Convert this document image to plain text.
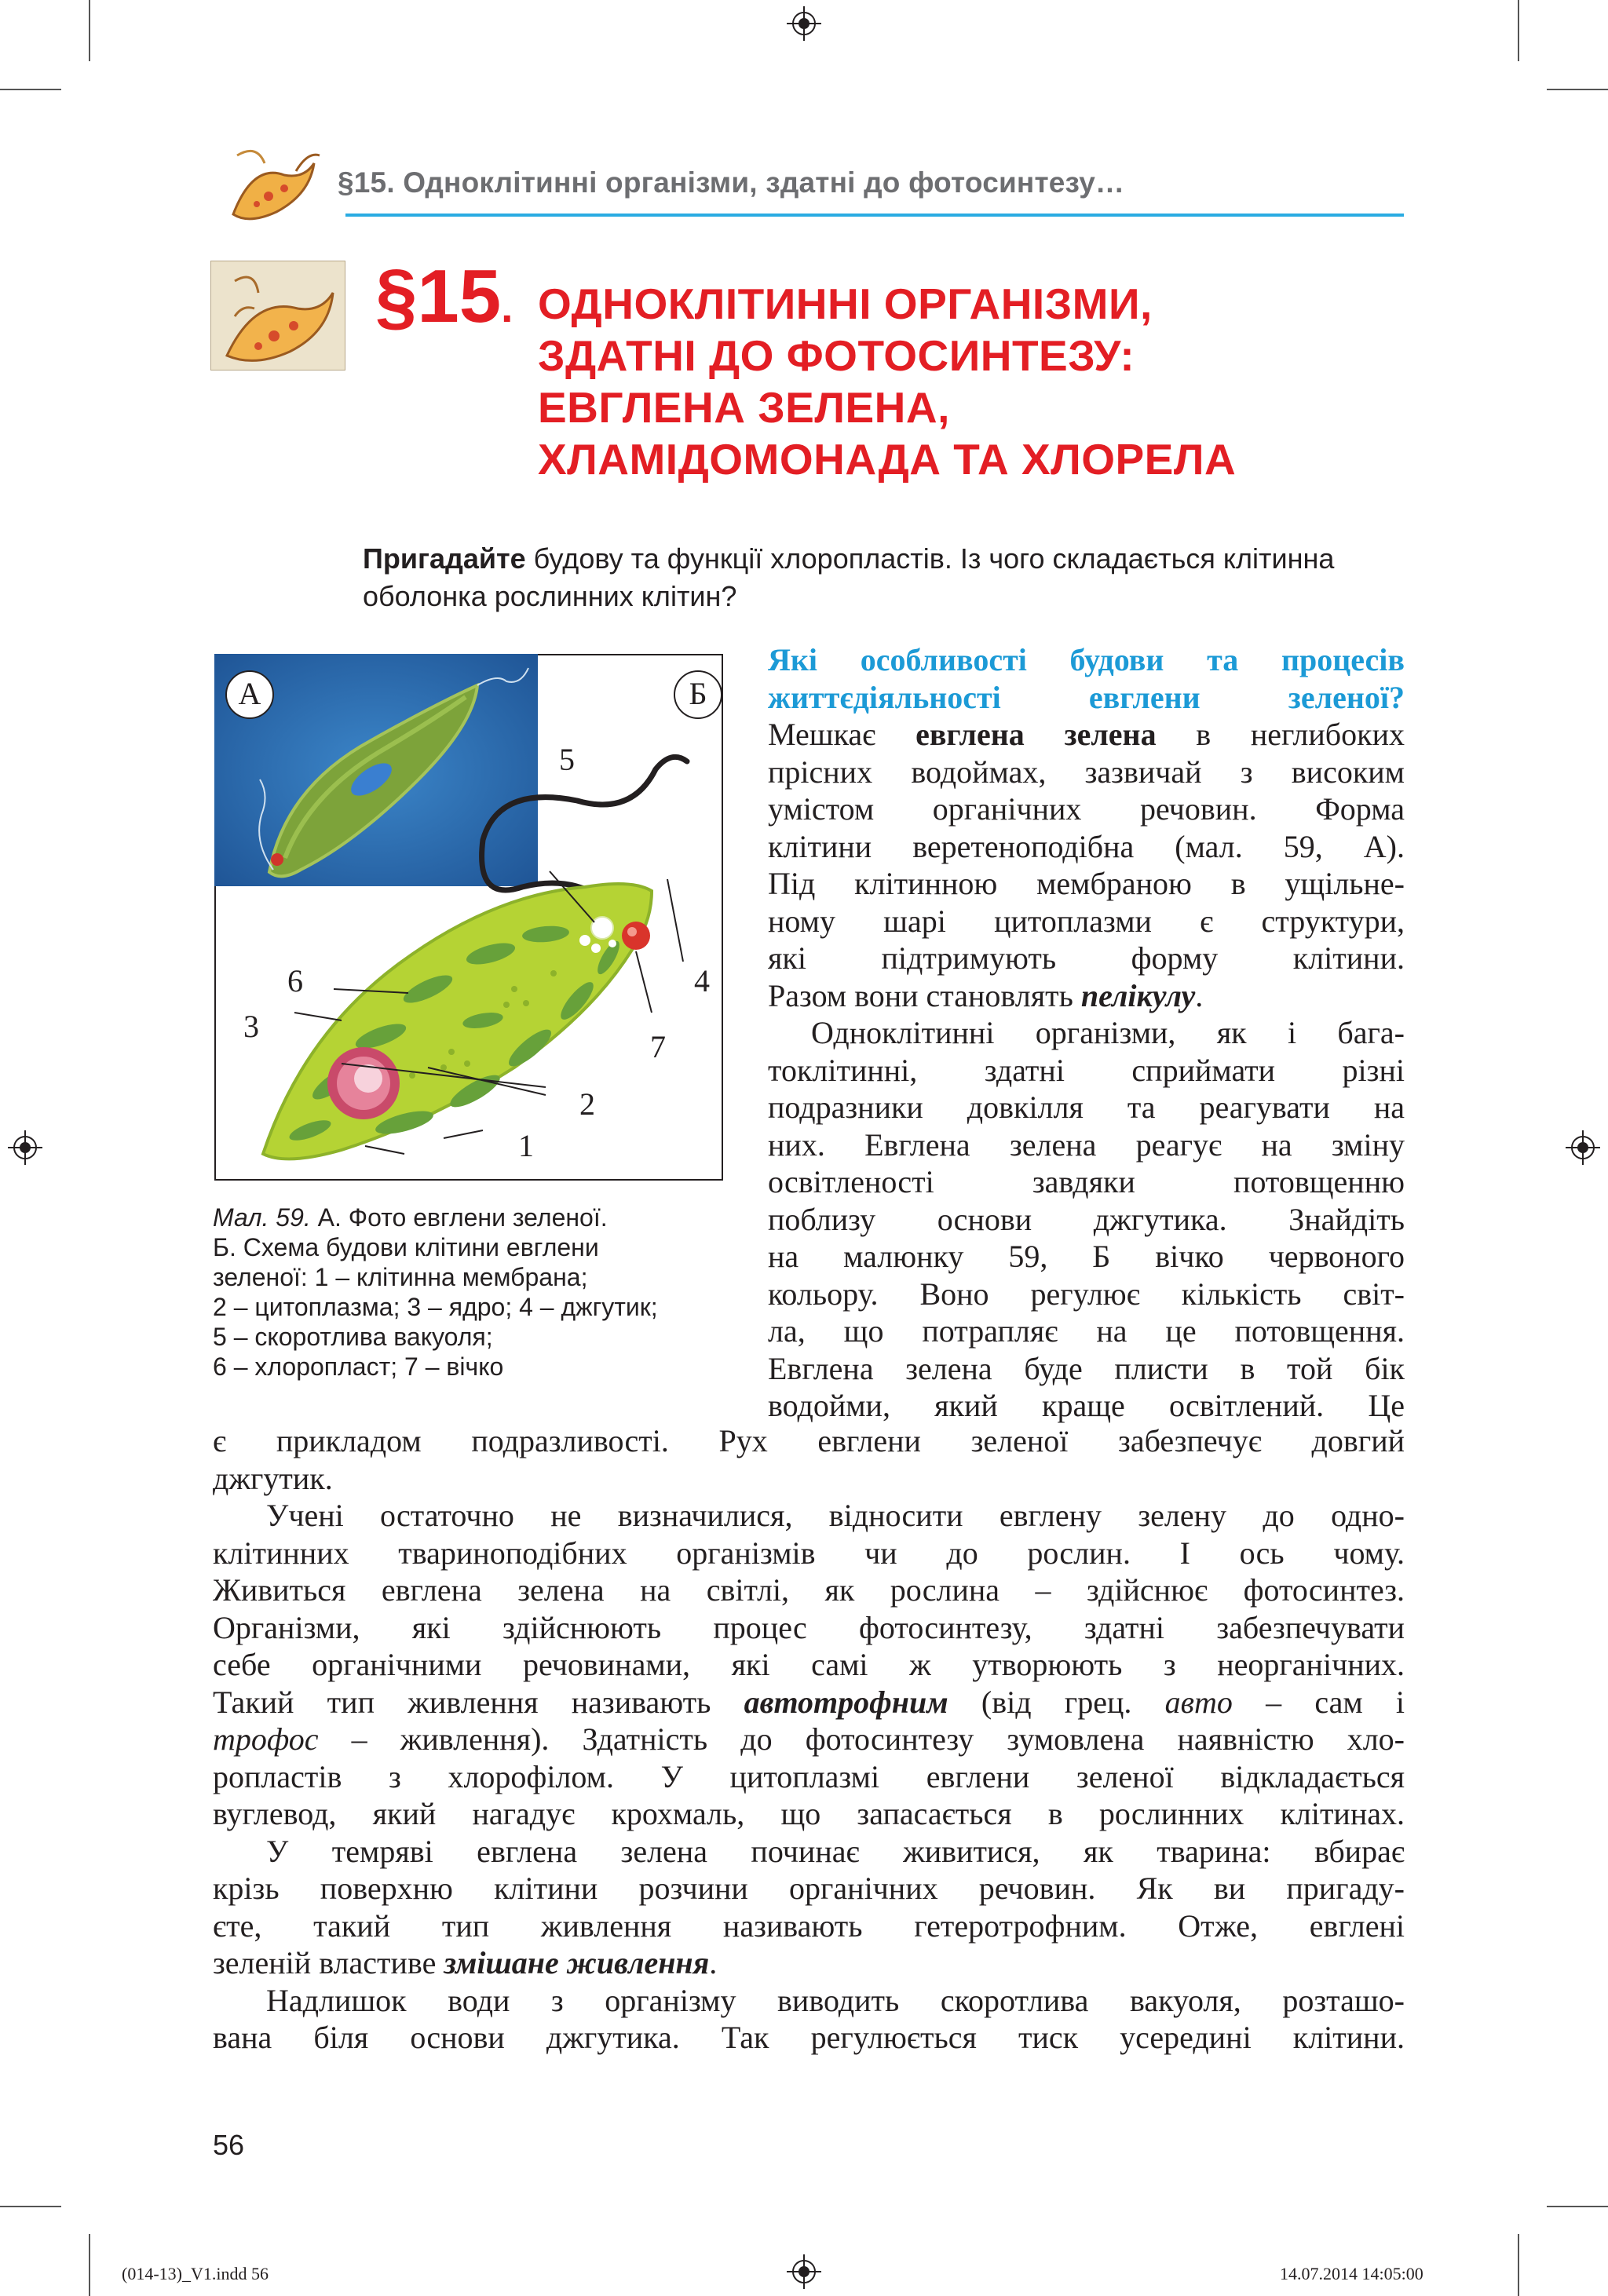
§15. Одноклітинні організми, здатні до фотосинтезу…
§15. ОДНОКЛІТИННІ ОРГАНІЗМИ,
ЗДАТНІ ДО ФОТОСИНТЕЗУ:
ЕВГЛЕНА ЗЕЛЕНА,
ХЛАМІДОМОНАДА ТА ХЛОРЕЛА
Пригадайте будову та функції хлоропластів. Із чого складається клітинна
оболонка рослинних клітин?
А	Б
1
2
3
4
5
6
7
Мал. 59. А. Фото евглени зеленої.
Б. Схема будови клітини евглени
зеленої: 1 – клітинна мембрана;
2 – цитоплазма; 3 – ядро; 4 – джгутик;
5 – скоротлива вакуоля;
6 – хлоропласт; 7 – вічко
Які особливості будови та процесів
життєдіяльності евглени зеленої?
Мешкає евглена зелена в неглибоких
прісних водоймах, зазвичай з високим
умістом органічних речовин. Форма
клітини веретеноподібна (мал. 59, А).
Під клітинною мембраною в ущільне-
ному шарі цитоплазми є структури,
які підтримують форму клітини.
Разом вони становлять пелікулу.
Одноклітинні організми, як і бага-
токлітинні, здатні сприймати різні
подразники довкілля та реагувати на
них. Евглена зелена реагує на зміну
освітленості завдяки потовщенню
поблизу основи джгутика. Знайдіть
на малюнку 59, Б вічко червоного
кольору. Воно регулює кількість світ-
ла, що потрапляє на це потовщення.
Евглена зелена буде плисти в той бік
водойми, який краще освітлений. Це
є прикладом подразливості. Рух евглени зеленої забезпечує довгий
джгутик.
Учені остаточно не визначилися, відносити евглену зелену до одно-
клітинних твариноподібних організмів чи до рослин. І ось чому.
Живиться евглена зелена на світлі, як рослина – здійснює фотосинтез.
Організми, які здійснюють процес фотосинтезу, здатні забезпечувати
себе органічними речовинами, які самі ж утворюють з неорганічних.
Такий тип живлення називають автотрофним (від грец. авто – сам і
трофос – живлення). Здатність до фотосинтезу зумовлена наявністю хло-
ропластів з хлорофілом. У цитоплазмі евглени зеленої відкладається
вуглевод, який нагадує крохмаль, що запасається в рослинних клітинах.
У темряві евглена зелена починає живитися, як тварина: вбирає
крізь поверхню клітини розчини органічних речовин. Як ви пригаду-
єте, такий тип живлення називають гетеротрофним. Отже, евглені
зеленій властиве змішане живлення.
Надлишок води з організму виводить скоротлива вакуоля, розташо-
вана біля основи джгутика. Так регулюється тиск усередині клітини.
56
(014-13)_V1.indd 56	14.07.2014 14:05:00
